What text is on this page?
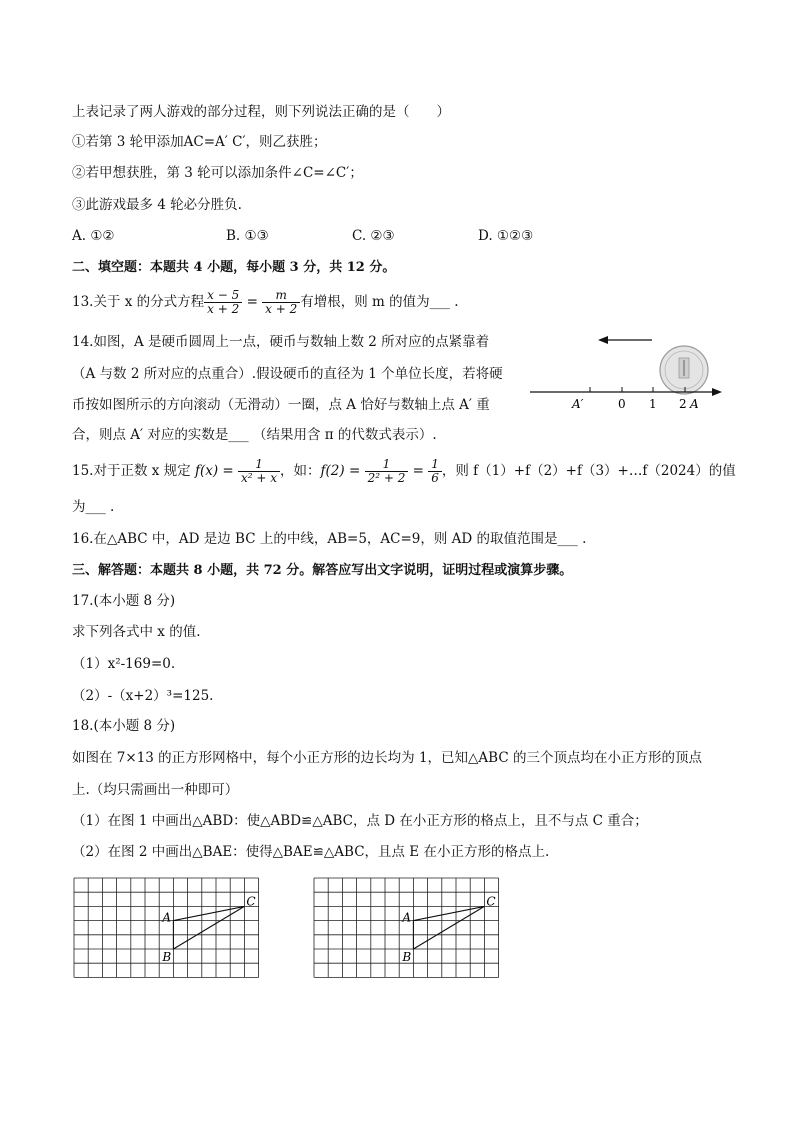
上表记录了两人游戏的部分过程，则下列说法正确的是（　　）
①若第 3 轮甲添加AC=A′ C′，则乙获胜；
②若甲想获胜，第 3 轮可以添加条件∠C=∠C′；
③此游戏最多 4 轮必分胜负.
A. ①②	B. ①③	C. ②③	D. ①②③
二、填空题：本题共 4 小题，每小题 3 分，共 12 分。
13.关于 x 的分式方程 $\frac{x - 5}{x + 2} = \frac{m}{x + 2}$ 有增根，则 m 的值为___ .
14.如图，A 是硬币圆周上一点，硬币与数轴上数 2 所对应的点紧靠着
（A 与数 2 所对应的点重合）.假设硬币的直径为 1 个单位长度，若将硬
币按如图所示的方向滚动（无滑动）一圈，点 A 恰好与数轴上点 A′ 重
合，则点 A′ 对应的实数是___ （结果用含 π 的代数式表示）.
A′	0 1 2 A
15.对于正数 x 规定 $f(x) = \frac{1}{\text{x² + x}}$ ，如：$f(2) = \frac{1}{\text{2² + 2}} = \frac{1}{6}$ ，则 f（1）+f（2）+f（3）+…f（2024）的值
为___ .
16.在△ABC 中，AD 是边 BC 上的中线，AB=5，AC=9，则 AD 的取值范围是___ .
三、解答题：本题共 8 小题，共 72 分。解答应写出文字说明，证明过程或演算步骤。
17.(本小题 8 分)
求下列各式中 x 的值.
（1）x²-169=0.
（2）-（x+2）³=125.
18.(本小题 8 分)
如图在 7×13 的正方形网格中，每个小正方形的边长均为 1，已知△ABC 的三个顶点均在小正方形的顶点
上.（均只需画出一种即可）
（1）在图 1 中画出△ABD：使△ABD≌△ABC，点 D 在小正方形的格点上，且不与点 C 重合；
（2）在图 2 中画出△BAE：使得△BAE≌△ABC，且点 E 在小正方形的格点上.
A
B
C
A
B
C
